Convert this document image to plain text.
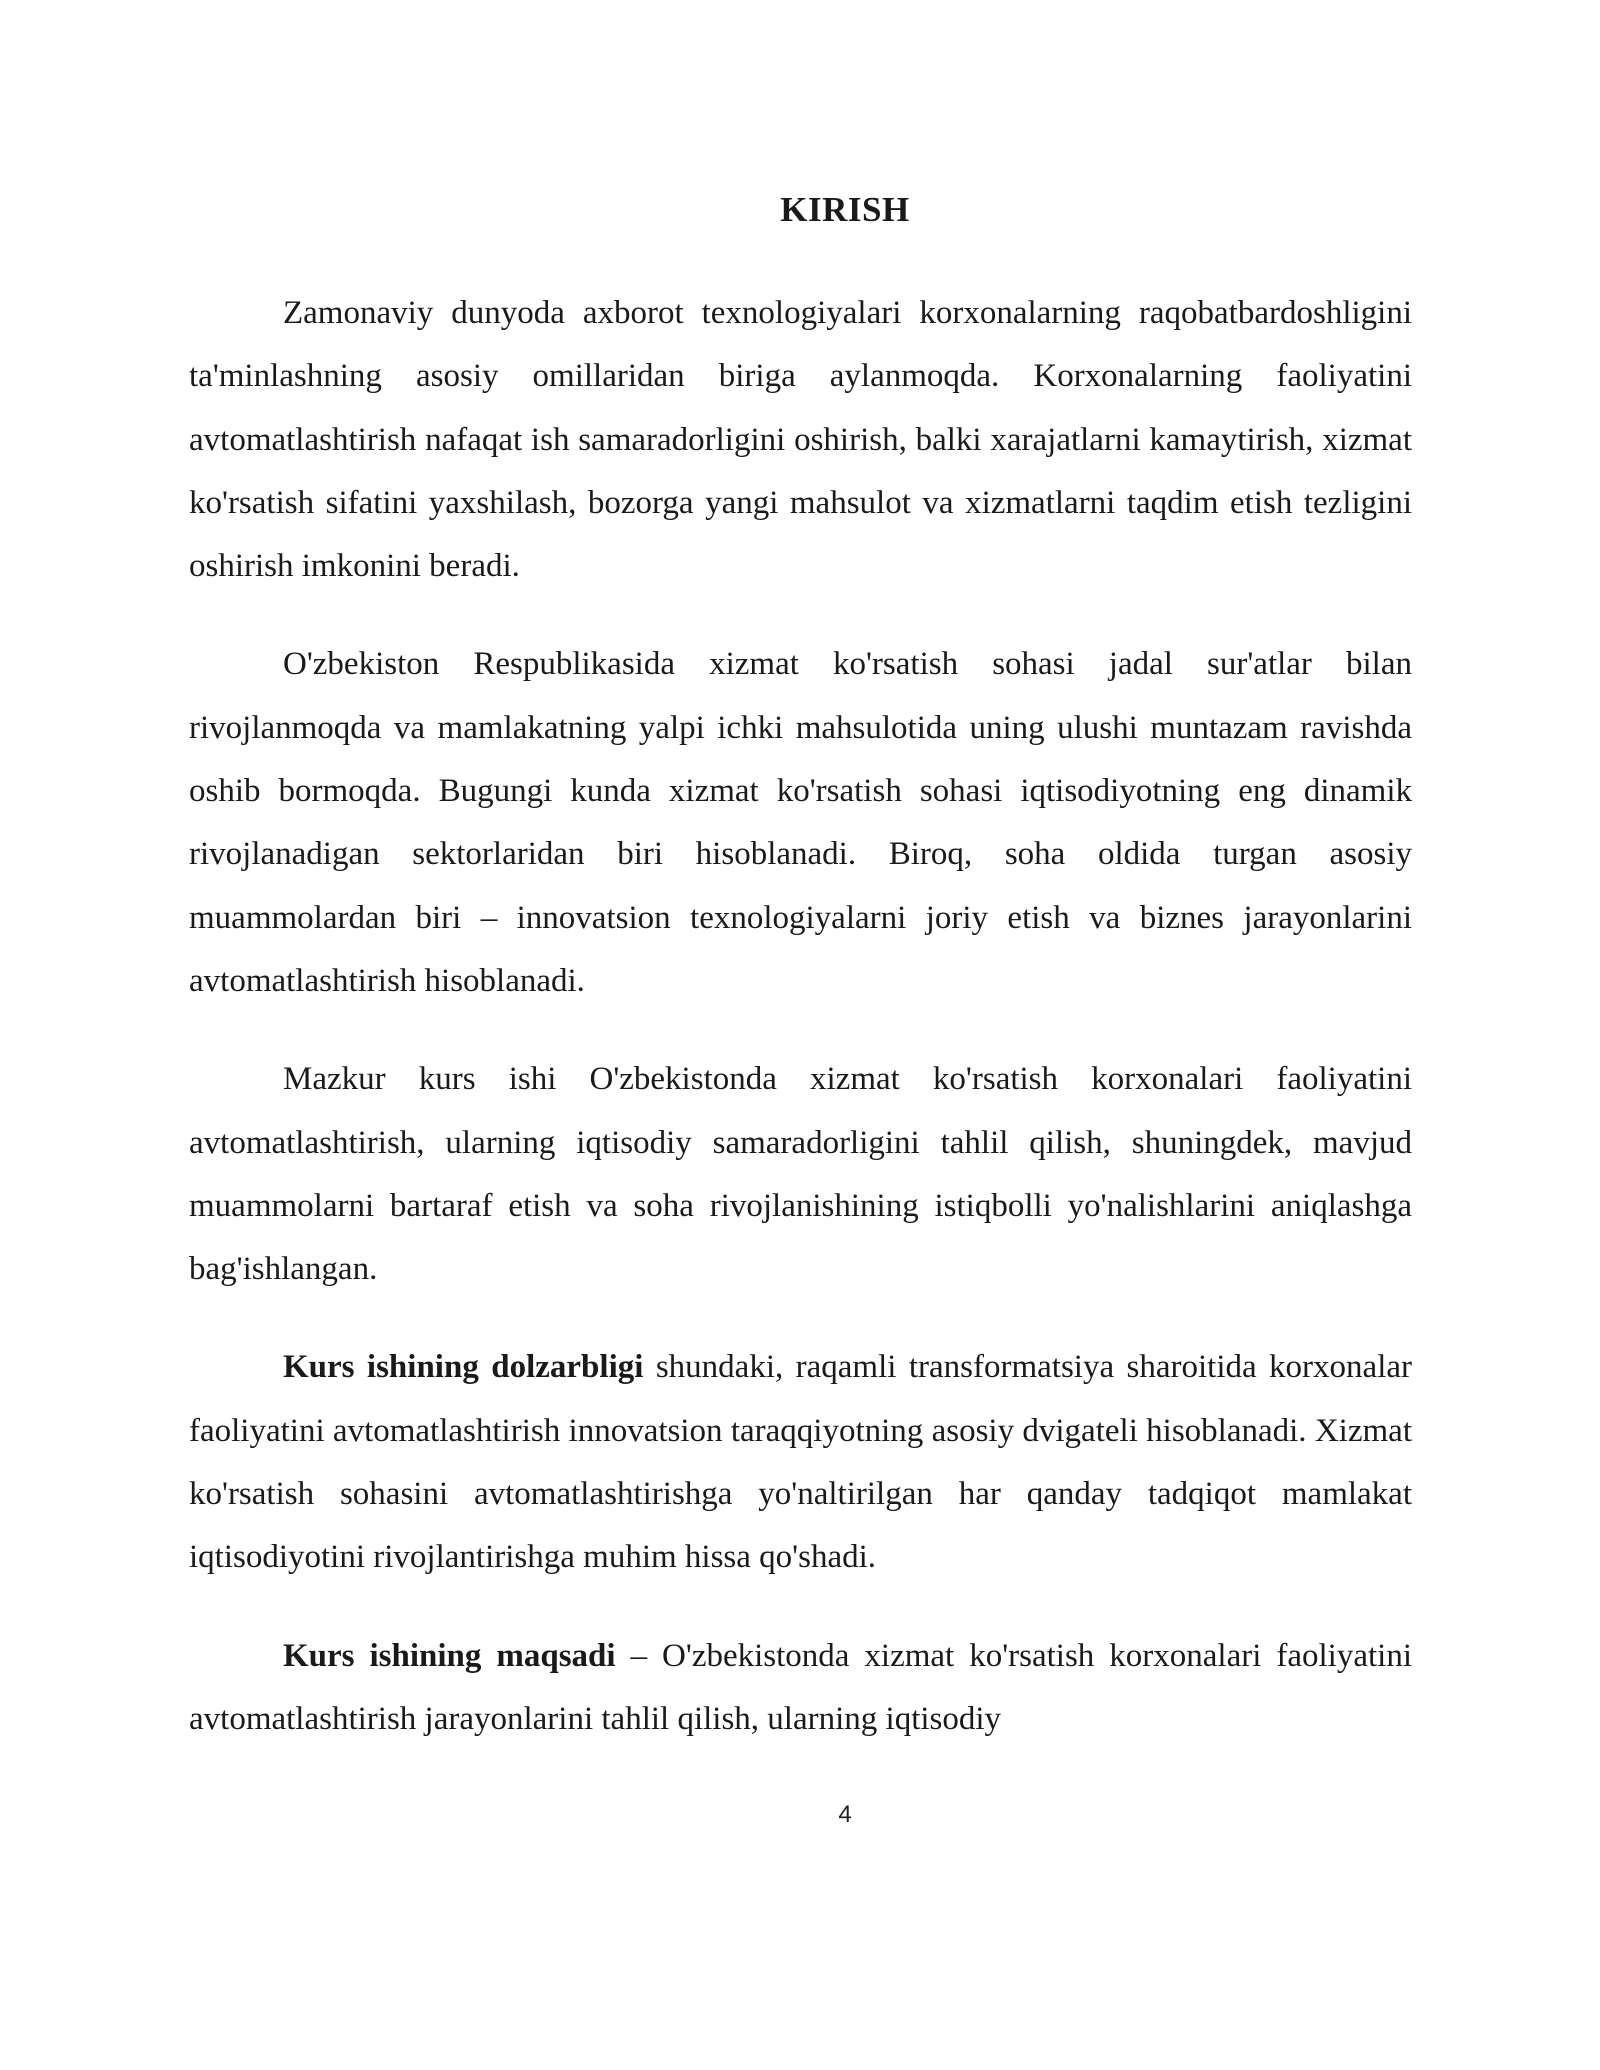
KIRISH

Zamonaviy dunyoda axborot texnologiyalari korxonalarning raqobatbardoshligini ta'minlashning asosiy omillaridan biriga aylanmoqda. Korxonalarning faoliyatini avtomatlashtirish nafaqat ish samaradorligini oshirish, balki xarajatlarni kamaytirish, xizmat ko'rsatish sifatini yaxshilash, bozorga yangi mahsulot va xizmatlarni taqdim etish tezligini oshirish imkonini beradi.

O'zbekiston Respublikasida xizmat ko'rsatish sohasi jadal sur'atlar bilan rivojlanmoqda va mamlakatning yalpi ichki mahsulotida uning ulushi muntazam ravishda oshib bormoqda. Bugungi kunda xizmat ko'rsatish sohasi iqtisodiyotning eng dinamik rivojlanadigan sektorlaridan biri hisoblanadi. Biroq, soha oldida turgan asosiy muammolardan biri – innovatsion texnologiyalarni joriy etish va biznes jarayonlarini avtomatlashtirish hisoblanadi.

Mazkur kurs ishi O'zbekistonda xizmat ko'rsatish korxonalari faoliyatini avtomatlashtirish, ularning iqtisodiy samaradorligini tahlil qilish, shuningdek, mavjud muammolarni bartaraf etish va soha rivojlanishining istiqbolli yo'nalishlarini aniqlashga bag'ishlangan.

Kurs ishining dolzarbligi shundaki, raqamli transformatsiya sharoitida korxonalar faoliyatini avtomatlashtirish innovatsion taraqqiyotning asosiy dvigateli hisoblanadi. Xizmat ko'rsatish sohasini avtomatlashtirishga yo'naltirilgan har qanday tadqiqot mamlakat iqtisodiyotini rivojlantirishga muhim hissa qo'shadi.

Kurs ishining maqsadi – O'zbekistonda xizmat ko'rsatish korxonalari faoliyatini avtomatlashtirish jarayonlarini tahlil qilish, ularning iqtisodiy

4
